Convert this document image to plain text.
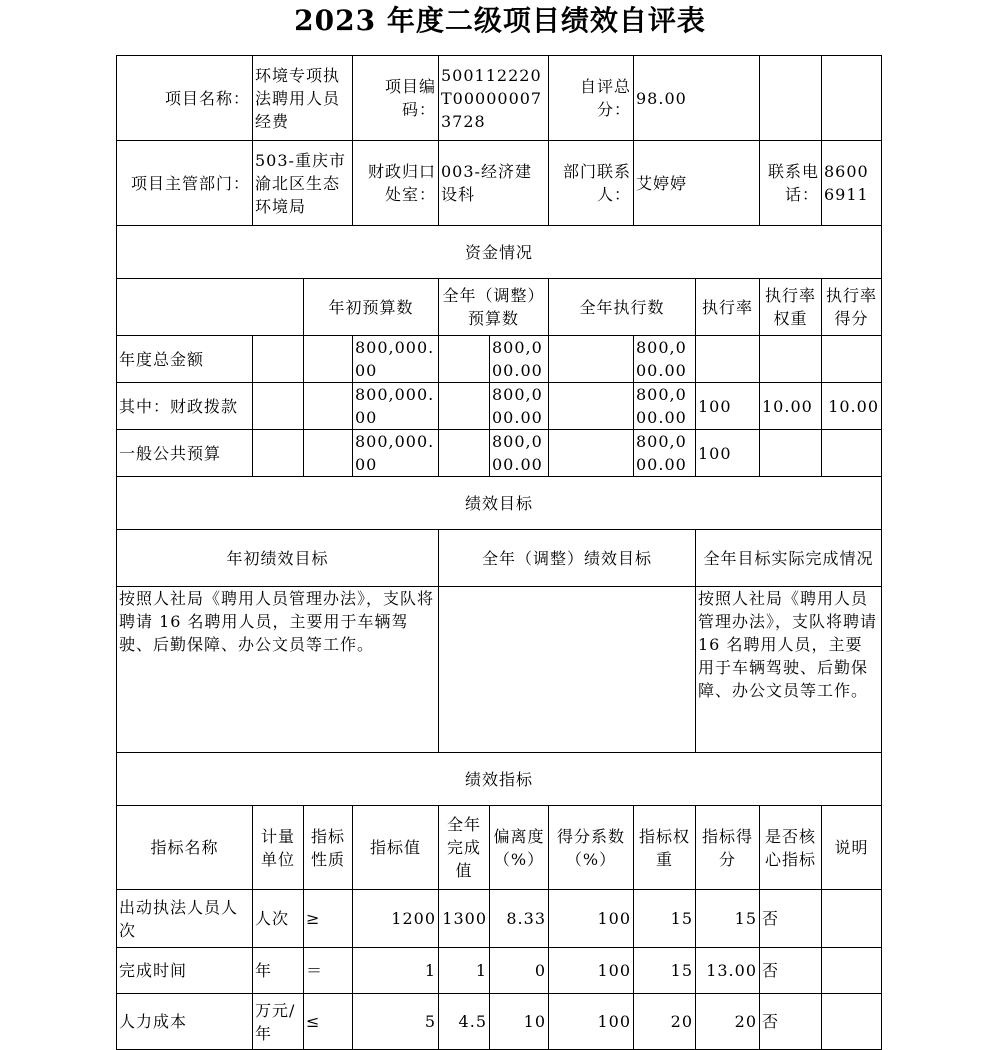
2023 年度二级项目绩效自评表
项目名称：	环境专项执法聘用人员经费		项目编码：	500112220T000000073728		自评总分：	98.00			
项目主管部门：	503-重庆市渝北区生态环境局		财政归口处室：	003-经济建设科		部门联系人：	艾婷婷		联系电话：	86006911
资金情况										
		年初预算数		全年（调整）预算数		全年执行数		执行率	执行率权重	执行率得分
年度总金额			800,000.00		800,000.00		800,000.00			
其中：财政拨款			800,000.00		800,000.00		800,000.00	100	10.00	10.00
一般公共预算			800,000.00		800,000.00		800,000.00	100		
绩效目标										
年初绩效目标				全年（调整）绩效目标				全年目标实际完成情况		
按照人社局《聘用人员管理办法》，支队将聘请 16 名聘用人员，主要用于车辆驾驶、后勤保障、办公文员等工作。								按照人社局《聘用人员管理办法》，支队将聘请 16 名聘用人员，主要用于车辆驾驶、后勤保障、办公文员等工作。		
绩效指标										
指标名称	计量单位	指标性质	指标值	全年完成值	偏离度（%）	得分系数（%）	指标权重	指标得分	是否核心指标	说明
出动执法人员人次	人次	≥	1200	1300	8.33	100	15	15	否	
完成时间	年	＝	1	1	0	100	15	13.00	否	
人力成本	万元/年	≤	5	4.5	10	100	20	20	否	
